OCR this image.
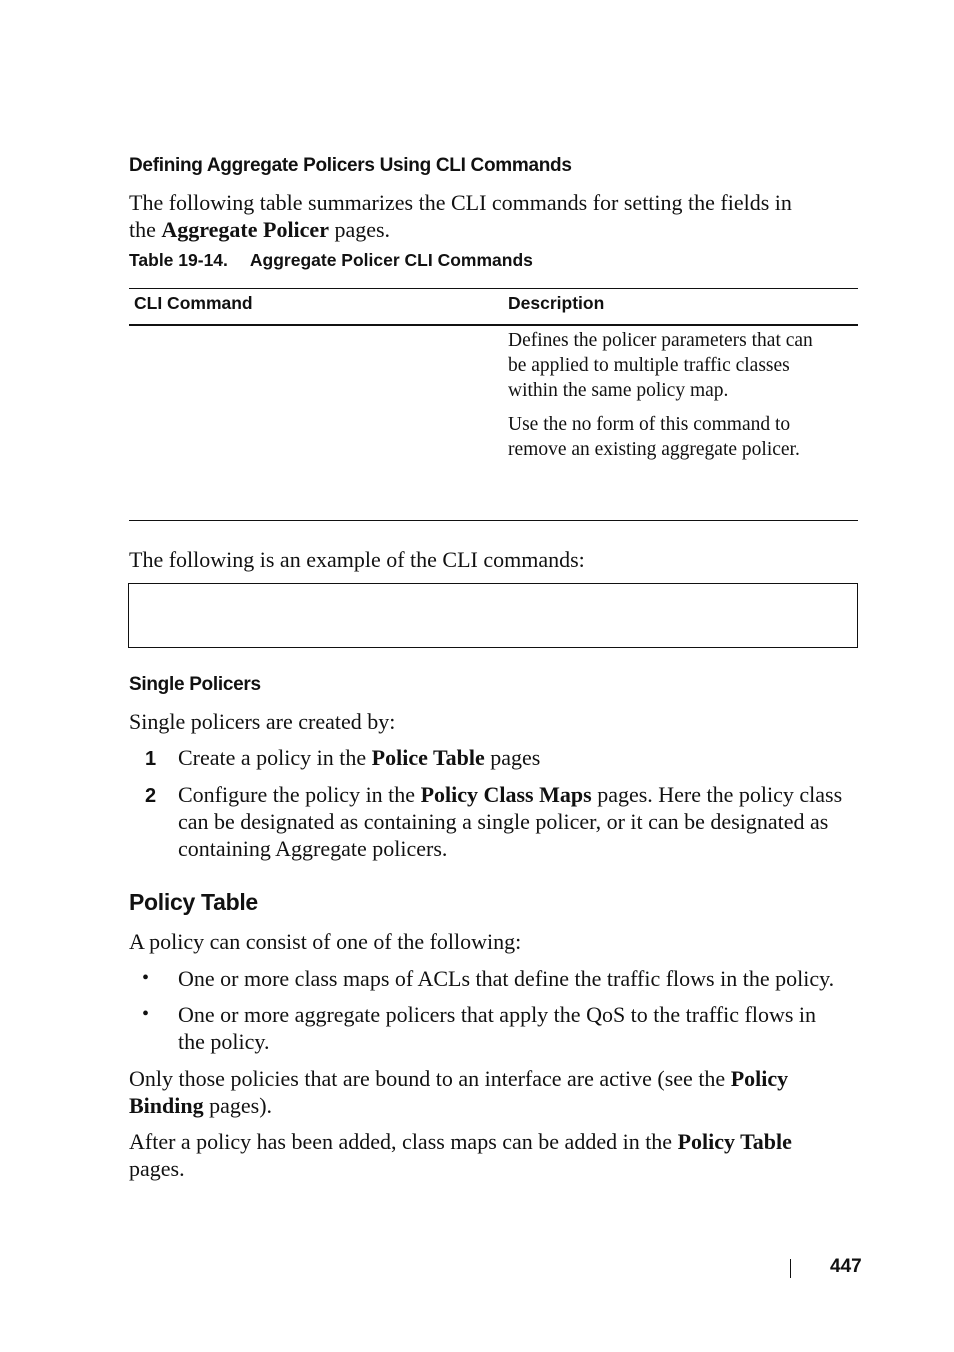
Defining Aggregate Policers Using CLI Commands
The following table summarizes the CLI commands for setting the fields in
the Aggregate Policer pages.
Table 19-14. Aggregate Policer CLI Commands
CLI Command	Description
Defines the policer parameters that can
be applied to multiple traffic classes
within the same policy map.
Use the no form of this command to
remove an existing aggregate policer.
The following is an example of the CLI commands:
Single Policers
Single policers are created by:
1 Create a policy in the Police Table pages
2 Configure the policy in the Policy Class Maps pages. Here the policy class
can be designated as containing a single policer, or it can be designated as
containing Aggregate policers.
Policy Table
A policy can consist of one of the following:
• One or more class maps of ACLs that define the traffic flows in the policy.
• One or more aggregate policers that apply the QoS to the traffic flows in
the policy.
Only those policies that are bound to an interface are active (see the Policy
Binding pages).
After a policy has been added, class maps can be added in the Policy Table
pages.
447
